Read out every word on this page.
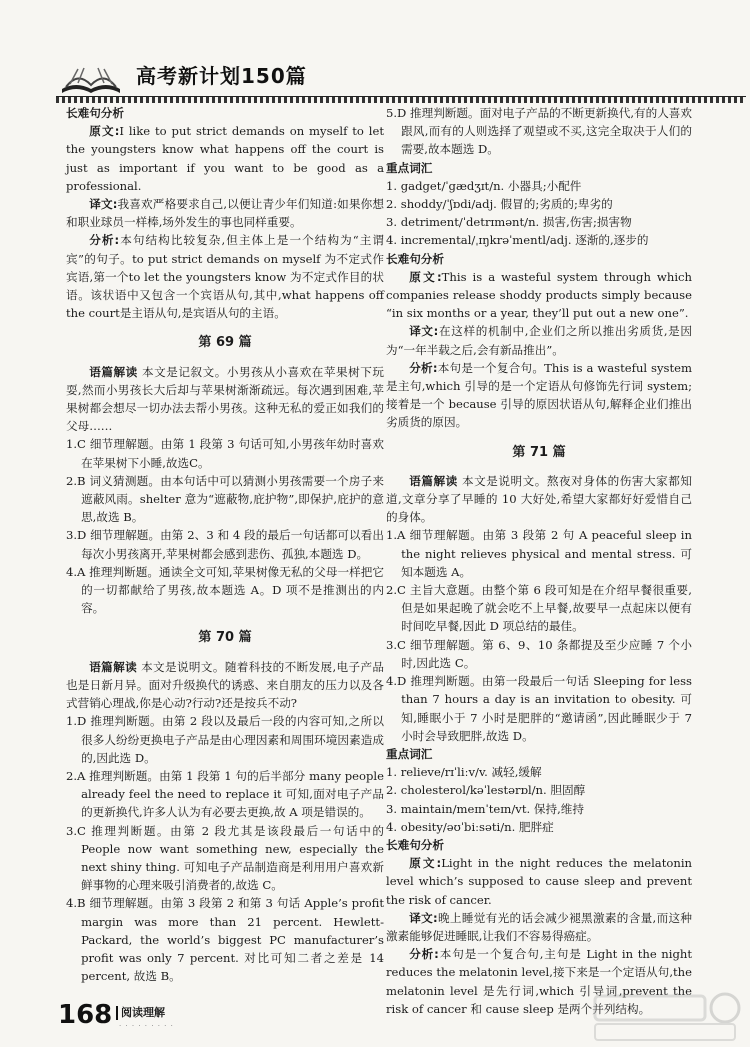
高考新计划150篇

长难句分析

原文:I like to put strict demands on myself to let the youngsters know what happens off the court is just as important if you want to be good as a professional.

译文:我喜欢严格要求自己,以便让青少年们知道:如果你想和职业球员一样棒,场外发生的事也同样重要。

分析:本句结构比较复杂,但主体上是一个结构为“主谓宾”的句子。to put strict demands on myself 为不定式作宾语,第一个to let the youngsters know 为不定式作目的状语。该状语中又包含一个宾语从句,其中,what happens off the court是主语从句,是宾语从句的主语。

第 69 篇

语篇解读 本文是记叙文。小男孩从小喜欢在苹果树下玩耍,然而小男孩长大后却与苹果树渐渐疏远。每次遇到困难,苹果树都会想尽一切办法去帮小男孩。这种无私的爱正如我们的父母……

1.C 细节理解题。由第 1 段第 3 句话可知,小男孩年幼时喜欢在苹果树下小睡,故选C。

2.B 词义猜测题。由本句话中可以猜测小男孩需要一个房子来遮蔽风雨。shelter 意为“遮蔽物,庇护物”,即保护,庇护的意思,故选 B。

3.D 细节理解题。由第 2、3 和 4 段的最后一句话都可以看出每次小男孩离开,苹果树都会感到悲伤、孤独,本题选 D。

4.A 推理判断题。通读全文可知,苹果树像无私的父母一样把它的一切都献给了男孩,故本题选 A。D 项不是推测出的内容。

第 70 篇

语篇解读 本文是说明文。随着科技的不断发展,电子产品也是日新月异。面对升级换代的诱惑、来自朋友的压力以及各式营销心理战,你是心动?行动?还是按兵不动?

1.D 推理判断题。由第 2 段以及最后一段的内容可知,之所以很多人纷纷更换电子产品是由心理因素和周围环境因素造成的,因此选 D。

2.A 推理判断题。由第 1 段第 1 句的后半部分 many people already feel the need to replace it 可知,面对电子产品的更新换代,许多人认为有必要去更换,故 A 项是错误的。

3.C 推理判断题。由第 2 段尤其是该段最后一句话中的 People now want something new, especially the next shiny thing. 可知电子产品制造商是利用用户喜欢新鲜事物的心理来吸引消费者的,故选 C。

4.B 细节理解题。由第 3 段第 2 和第 3 句话 Apple’s profit margin was more than 21 percent. Hewlett-Packard, the world’s biggest PC manufacturer’s profit was only 7 percent. 对比可知二者之差是 14 percent, 故选 B。

5.D 推理判断题。面对电子产品的不断更新换代,有的人喜欢跟风,而有的人则选择了观望或不买,这完全取决于人们的需要,故本题选 D。

重点词汇

1. gadget/ˈgædʒɪt/n. 小器具;小配件

2. shoddy/ˈʃɒdi/adj. 假冒的;劣质的;卑劣的

3. detriment/ˈdetrɪmənt/n. 损害,伤害;损害物

4. incremental/ˌɪŋkrəˈmentl/adj. 逐渐的,逐步的

长难句分析

原文:This is a wasteful system through which companies release shoddy products simply because “in six months or a year, they’ll put out a new one”.

译文:在这样的机制中,企业们之所以推出劣质货,是因为“一年半载之后,会有新品推出”。

分析:本句是一个复合句。This is a wasteful system 是主句,which 引导的是一个定语从句修饰先行词 system;接着是一个 because 引导的原因状语从句,解释企业们推出劣质货的原因。

第 71 篇

语篇解读 本文是说明文。熬夜对身体的伤害大家都知道,文章分享了早睡的 10 大好处,希望大家都好好爱惜自己的身体。

1.A 细节理解题。由第 3 段第 2 句 A peaceful sleep in the night relieves physical and mental stress. 可知本题选 A。

2.C 主旨大意题。由整个第 6 段可知是在介绍早餐很重要,但是如果起晚了就会吃不上早餐,故要早一点起床以便有时间吃早餐,因此 D 项总结的最佳。

3.C 细节理解题。第 6、9、10 条都提及至少应睡 7 个小时,因此选 C。

4.D 推理判断题。由第一段最后一句话 Sleeping for less than 7 hours a day is an invitation to obesity. 可知,睡眠小于 7 小时是肥胖的“邀请函”,因此睡眠少于 7 小时会导致肥胖,故选 D。

重点词汇

1. relieve/rɪˈliːv/v. 减轻,缓解

2. cholesterol/kəˈlestərɒl/n. 胆固醇

3. maintain/meɪnˈteɪn/vt. 保持,维持

4. obesity/əʊˈbiːsəti/n. 肥胖症

长难句分析

原文:Light in the night reduces the melatonin level which’s supposed to cause sleep and prevent the risk of cancer.

译文:晚上睡觉有光的话会减少褪黑激素的含量,而这种激素能够促进睡眠,让我们不容易得癌症。

分析:本句是一个复合句,主句是 Light in the night reduces the melatonin level,接下来是一个定语从句,the melatonin level 是先行词,which 引导词,prevent the risk of cancer 和 cause sleep 是两个并列结构。

168 阅读理解
· · · · · · · · ·
